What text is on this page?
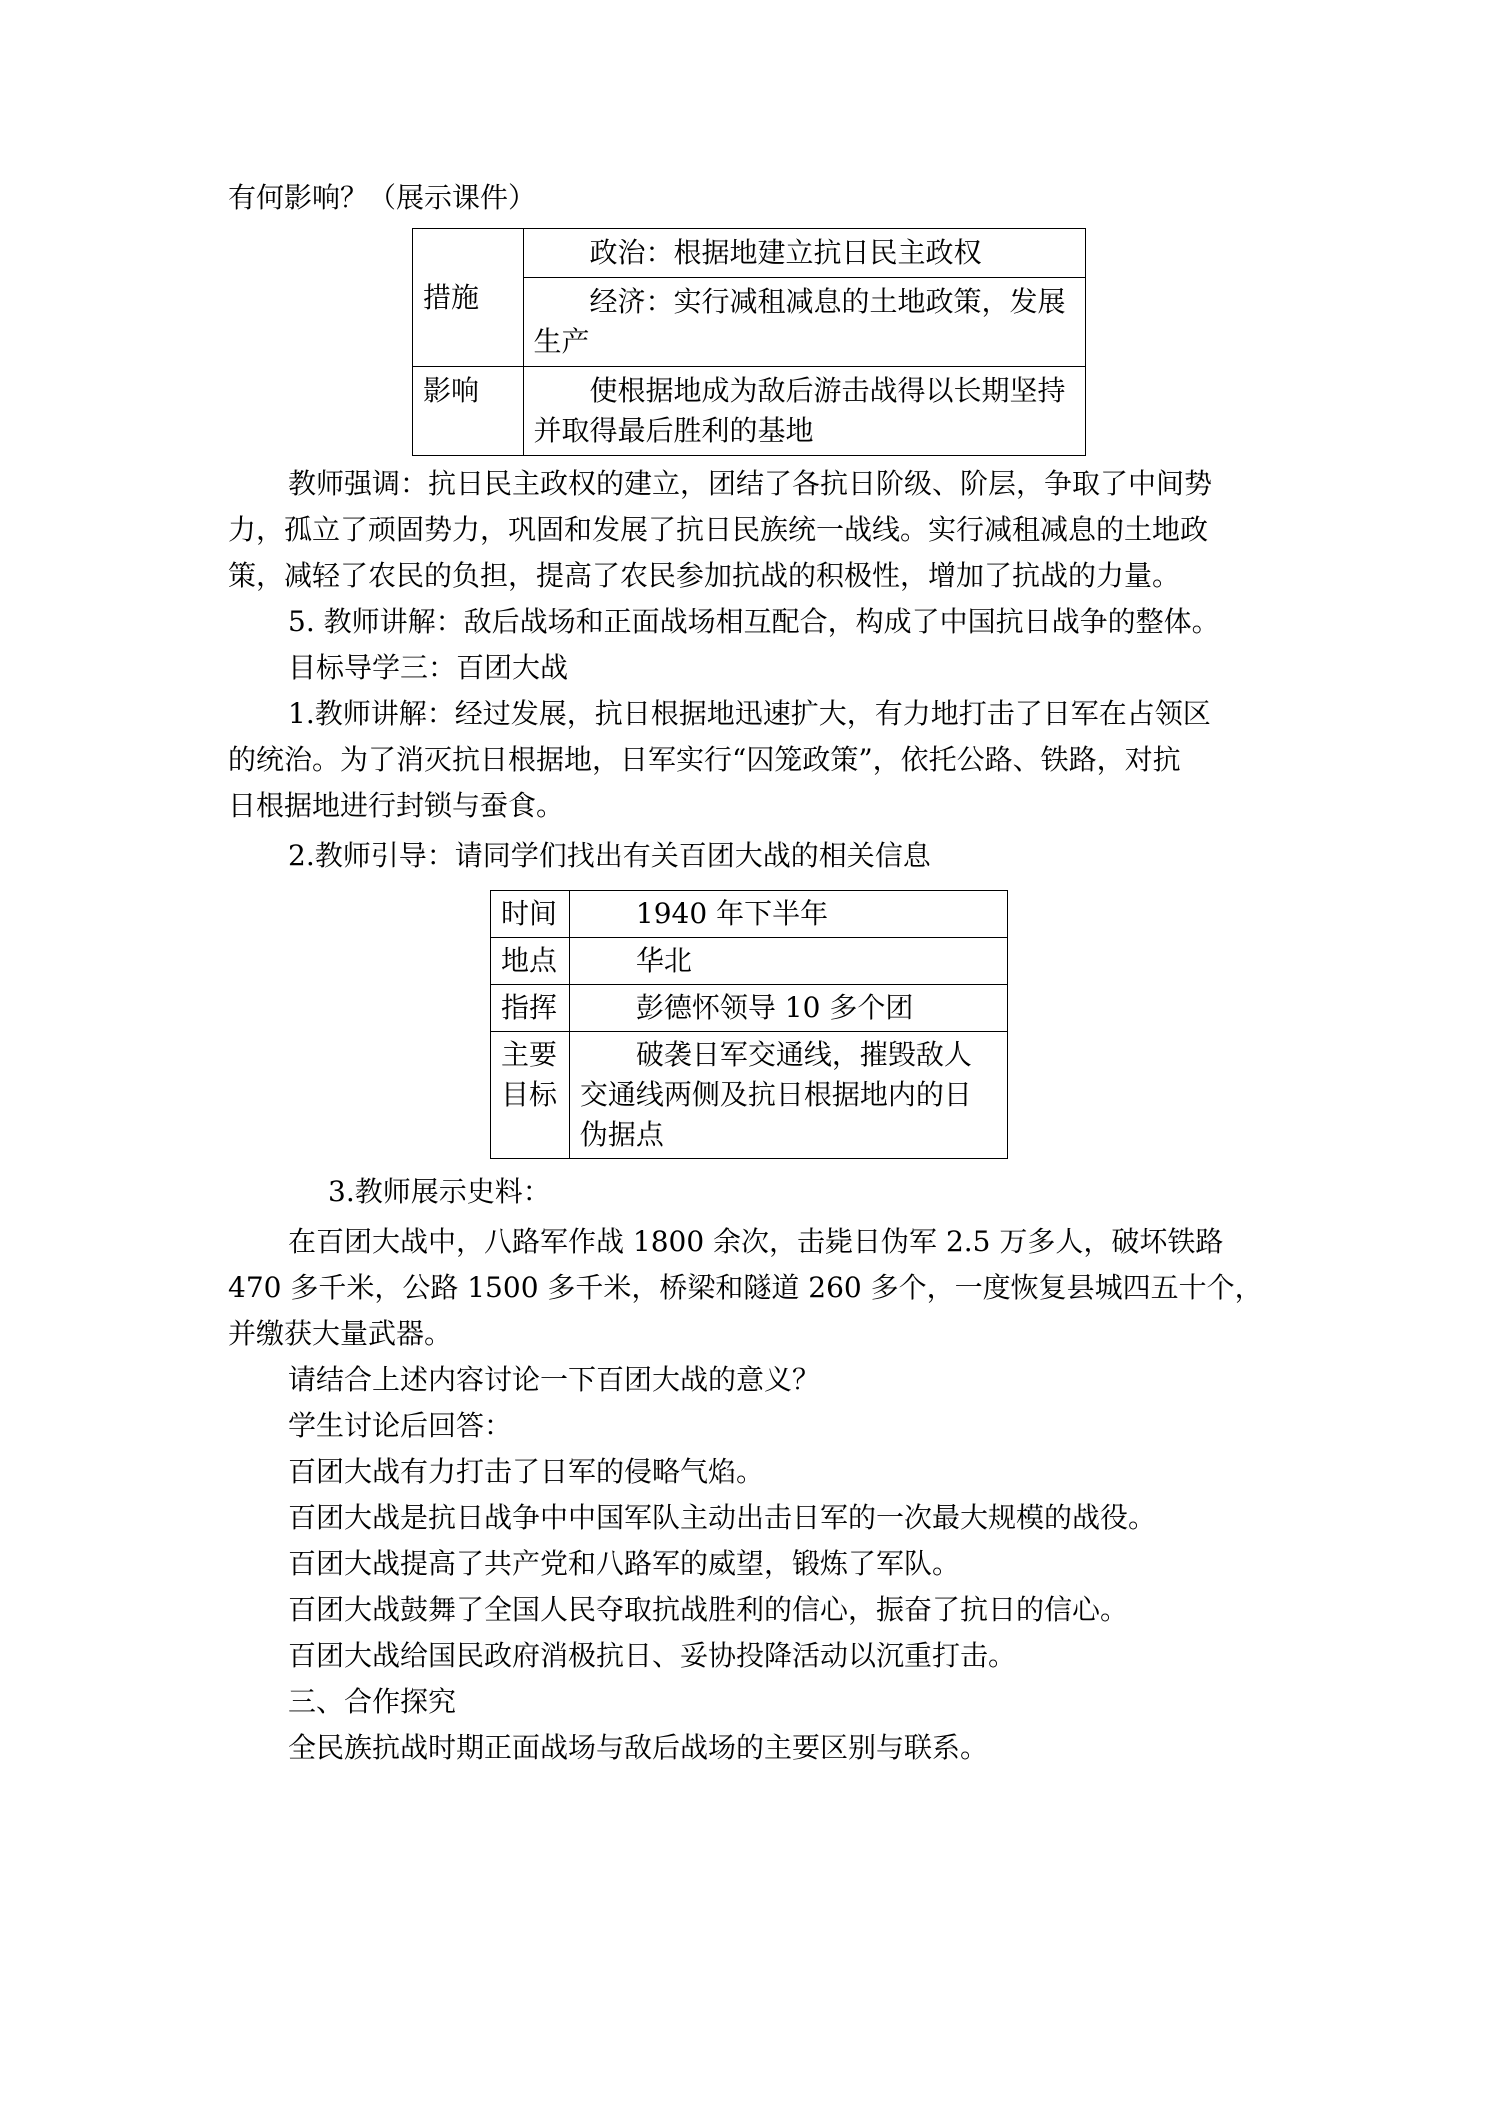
有何影响？（展示课件）
措施	政治：根据地建立抗日民主政权
	经济：实行减租减息的土地政策，发展生产
影响	使根据地成为敌后游击战得以长期坚持并取得最后胜利的基地
教师强调：抗日民主政权的建立，团结了各抗日阶级、阶层，争取了中间势
力，孤立了顽固势力，巩固和发展了抗日民族统一战线。实行减租减息的土地政
策，减轻了农民的负担，提高了农民参加抗战的积极性，增加了抗战的力量。
5. 教师讲解：敌后战场和正面战场相互配合，构成了中国抗日战争的整体。
目标导学三：百团大战
1.教师讲解：经过发展，抗日根据地迅速扩大，有力地打击了日军在占领区
的统治。为了消灭抗日根据地，日军实行“囚笼政策”，依托公路、铁路，对抗
日根据地进行封锁与蚕食。
2.教师引导：请同学们找出有关百团大战的相关信息
时间	1940 年下半年
地点	华北
指挥	彭德怀领导 10 多个团
主要目标	破袭日军交通线，摧毁敌人交通线两侧及抗日根据地内的日伪据点
3.教师展示史料：
在百团大战中，八路军作战 1800 余次，击毙日伪军 2.5 万多人，破坏铁路
470 多千米，公路 1500 多千米，桥梁和隧道 260 多个，一度恢复县城四五十个，
并缴获大量武器。
请结合上述内容讨论一下百团大战的意义？
学生讨论后回答：
百团大战有力打击了日军的侵略气焰。
百团大战是抗日战争中中国军队主动出击日军的一次最大规模的战役。
百团大战提高了共产党和八路军的威望，锻炼了军队。
百团大战鼓舞了全国人民夺取抗战胜利的信心，振奋了抗日的信心。
百团大战给国民政府消极抗日、妥协投降活动以沉重打击。
三、合作探究
全民族抗战时期正面战场与敌后战场的主要区别与联系。
